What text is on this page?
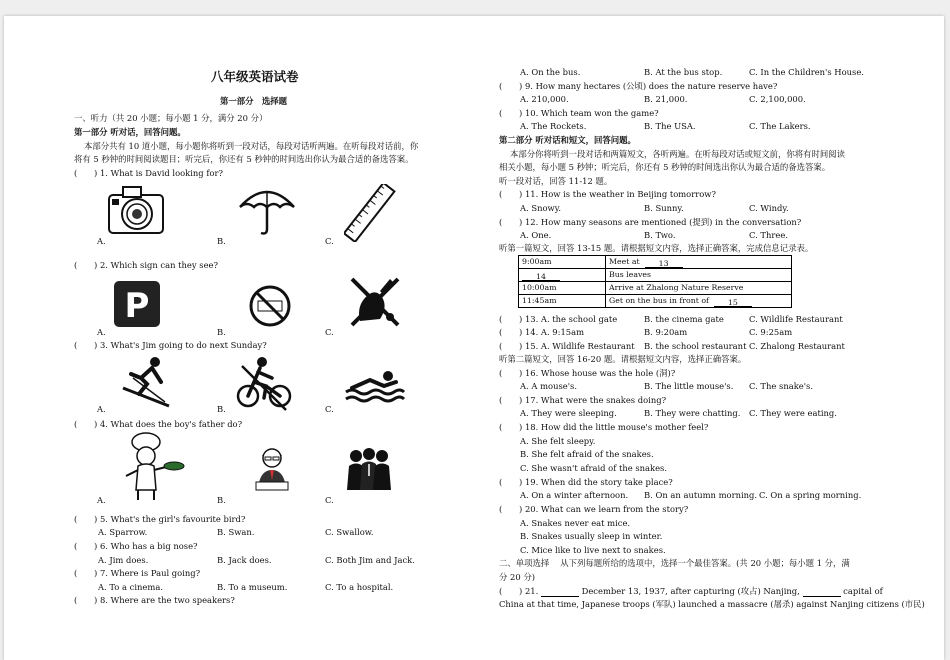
八年级英语试卷
第一部分　选择题
一、听力（共 20 小题；每小题 1 分，满分 20 分）
第一部分 听对话，回答问题。
本部分共有 10 道小题，每小题你将听到一段对话，每段对话听两遍。在听每段对话前，你
将有 5 秒钟的时间阅读题目；听完后，你还有 5 秒钟的时间选出你认为最合适的备选答案。
(　　) 1. What is David looking for?
A.	B.	C.
(　　) 2. Which sign can they see?
P
A.	B.	C.
(　　) 3. What's Jim going to do next Sunday?
A.	B.	C.
(　　) 4. What does the boy's father do?
A.	B.	C.
(　　) 5. What's the girl's favourite bird?
A. Sparrow.	B. Swan.	C. Swallow.
(　　) 6. Who has a big nose?
A. Jim does.	B. Jack does.	C. Both Jim and Jack.
(　　) 7. Where is Paul going?
A. To a cinema.	B. To a museum.	C. To a hospital.
(　　) 8. Where are the two speakers?
A. On the bus.	B. At the bus stop.	C. In the Children's House.
(　　) 9. How many hectares (公顷) does the nature reserve have?
A. 210,000.	B. 21,000.	C. 2,100,000.
(　　) 10. Which team won the game?
A. The Rockets.	B. The USA.	C. The Lakers.
第二部分 听对话和短文，回答问题。
本部分你将听到一段对话和两篇短文，各听两遍。在听每段对话或短文前，你将有时间阅读
相关小题，每小题 5 秒钟；听完后，你还有 5 秒钟的时间选出你认为最合适的备选答案。
听一段对话，回答 11-12 题。
(　　) 11. How is the weather in Beijing tomorrow?
A. Snowy.	B. Sunny.	C. Windy.
(　　) 12. How many seasons are mentioned (提到) in the conversation?
A. One.	B. Two.	C. Three.
听第一篇短文，回答 13-15 题。请根据短文内容，选择正确答案，完成信息记录表。
9:00am	Meet at 13
14	Bus leaves
10:00am	Arrive at Zhalong Nature Reserve
11:45am	Get on the bus in front of 15
(　　) 13. A. the school gate	B. the cinema gate	C. Wildlife Restaurant
(　　) 14. A. 9:15am	B. 9:20am	C. 9:25am
(　　) 15. A. Wildlife Restaurant B. the school restaurant C. Zhalong Restaurant
听第二篇短文，回答 16-20 题。请根据短文内容，选择正确答案。
(　　) 16. Whose house was the hole (洞)?
A. A mouse's.	B. The little mouse's. C. The snake's.
(　　) 17. What were the snakes doing?
A. They were sleeping.	B. They were chatting. C. They were eating.
(　　) 18. How did the little mouse's mother feel?
A. She felt sleepy.
B. She felt afraid of the snakes.
C. She wasn't afraid of the snakes.
(　　) 19. When did the story take place?
A. On a winter afternoon. B. On an autumn morning. C. On a spring morning.
(　　) 20. What can we learn from the story?
A. Snakes never eat mice.
B. Snakes usually sleep in winter.
C. Mice like to live next to snakes.
二、单项选择　 从下列每题所给的选项中，选择一个最佳答案。(共 20 小题；每小题 1 分，满
分 20 分)
(　　) 21.	December 13, 1937, after capturing (攻占) Nanjing,	capital of
China at that time, Japanese troops (军队) launched a massacre (屠杀) against Nanjing citizens (市民)
